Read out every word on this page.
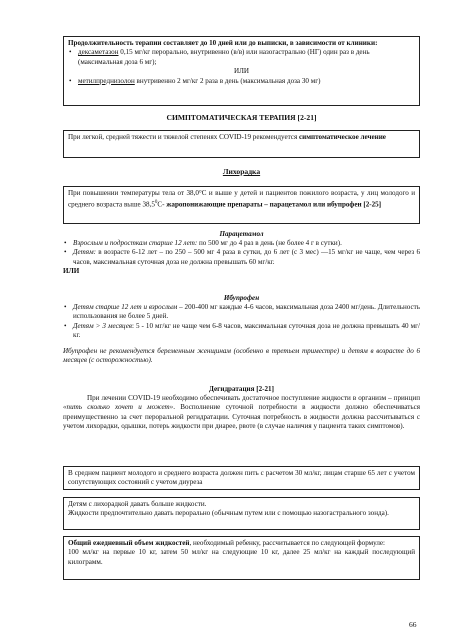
Продолжительность терапии составляет до 10 дней или до выписки, в зависимости от клиники:
• дексаметазон 0,15 мг/кг перорально, внутривенно (в/в) или назогастрально (НГ) один раз в день (максимальная доза 6 мг);
ИЛИ
• метилпреднизолон внутривенно 2 мг/кг 2 раза в день (максимальная доза 30 мг)
СИМПТОМАТИЧЕСКАЯ ТЕРАПИЯ [2-21]
При легкой, средней тяжести и тяжелой степенях COVID-19 рекомендуется симптоматическое лечение
Лихорадка
При повышении температуры тела от 38,0°С и выше у детей и пациентов пожилого возраста, у лиц молодого и среднего возраста выше 38,5$^0$С- жаропонижающие препараты – парацетамол или ибупрофен [2-25]
Парацетамол
• Взрослым и подросткам старше 12 лет: по 500 мг до 4 раз в день (не более 4 г в сутки).
• Детям: в возрасте 6-12 лет – по 250 – 500 мг 4 раза в сутки, до 6 лет (с 3 мес) —15 мг/кг не чаще, чем через 6 часов, максимальная суточная доза не должна превышать 60 мг/кг.
ИЛИ
Ибупрофен
• Детям старше 12 лет и взрослым – 200-400 мг каждые 4-6 часов, максимальная доза 2400 мг/день. Длительность использования не более 5 дней.
• Детям > 3 месяцев: 5 - 10 мг/кг не чаще чем 6-8 часов, максимальная суточная доза не должна превышать 40 мг/кг.
Ибупрофен не рекомендуется беременным женщинам (особенно в третьем триместре) и детям в возрасте до 6 месяцев (с осторожностью).
Дегидратация [2-21]
При лечении COVID-19 необходимо обеспечивать достаточное поступление жидкости в организм – принцип «пить сколько хочет и может». Восполнение суточной потребности в жидкости должно обеспечиваться преимущественно за счет пероральной регидратации. Суточная потребность в жидкости должна рассчитываться с учетом лихорадки, одышки, потерь жидкости при диарее, рвоте (в случае наличия у пациента таких симптомов).
В среднем пациент молодого и среднего возраста должен пить с расчетом 30 мл/кг, лицам старше 65 лет с учетом сопутствующих состояний с учетом диуреза
Детям с лихорадкой давать больше жидкости.
Жидкости предпочтительно давать перорально (обычным путем или с помощью назогастрального зонда).
Общий ежедневный объем жидкостей, необходимый ребенку, рассчитывается по следующей формуле:
100 мл/кг на первые 10 кг, затем 50 мл/кг на следующие 10 кг, далее 25 мл/кг на каждый последующий килограмм.
66
